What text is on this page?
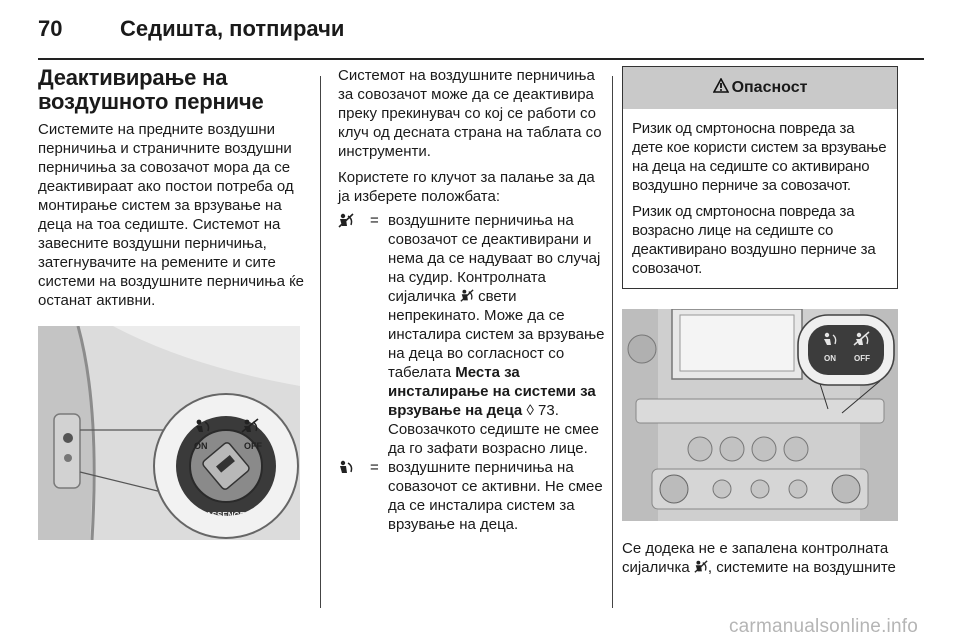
70	Седишта, потпирачи
Деактивирање на воздушното перниче

Системите на предните воздушни перничиња и страничните воздушни перничиња за совозачот мора да се деактивираат ако постои потреба од монтирање систем за врзување на деца на тоа седиште. Системот на завесните воздушни перничиња, затегнувачите на ремените и сите системи на воздушните перничиња ќе останат активни.

ON	OFF
PASSENGER
AIRBAG

Системот на воздушните перничиња за совозачот може да се деактивира преку прекинувач со кој се работи со клуч од десната страна на таблата со инструменти.

Користете го клучот за палање за да ја изберете положбата:

= воздушните перничиња на совозачот се деактивирани и нема да се надуваат во случај на судир. Контролната сијаличка свети непрекинато. Може да се инсталира систем за врзување на деца во согласност со табелата Места за инсталирање на системи за врзување на деца ◊ 73. Совозачкото седиште не смее да го зафати возрасно лице.
= воздушните перничиња на совазочот се активни. Не смее да се инсталира систем за врзување на деца.
Опасност

Ризик од смртоносна повреда за дете кое користи систем за врзување на деца на седиште со активирано воздушно перниче за совозачот.

Ризик од смртоносна повреда за возрасно лице на седиште со деактивирано воздушно перниче за совозачот.

ON OFF

Се додека не е запалена контролната сијаличка , системите на воздушните

carmanualsonline.info
